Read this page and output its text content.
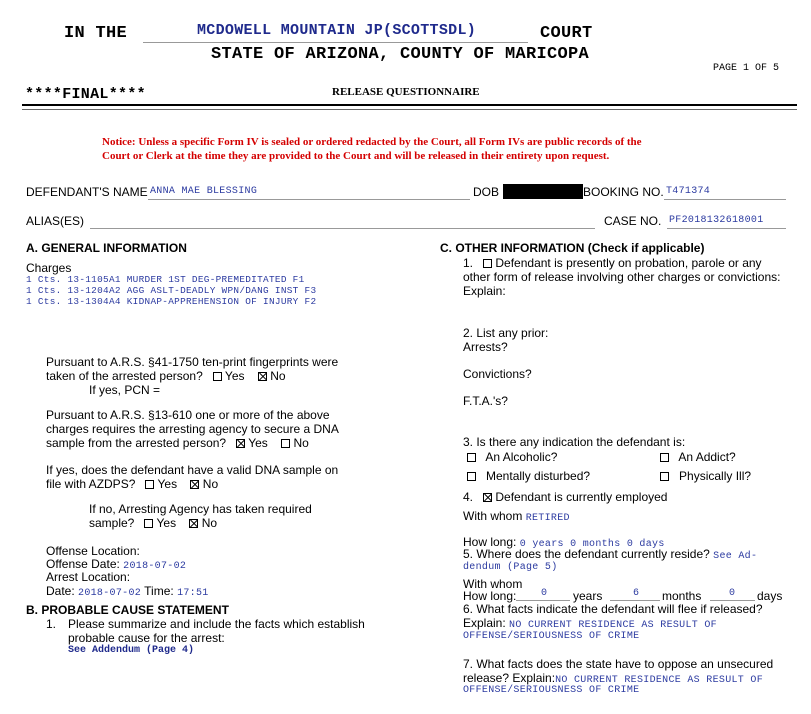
IN THE	MCDOWELL MOUNTAIN JP(SCOTTSDL)	COURT
STATE OF ARIZONA, COUNTY OF MARICOPA
PAGE 1 OF 5
****FINAL****	RELEASE QUESTIONNAIRE
Notice: Unless a specific Form IV is sealed or ordered redacted by the Court, all Form IVs are public records of the
Court or Clerk at the time they are provided to the Court and will be released in their entirety upon request.
DEFENDANT'S NAME ANNA MAE BLESSING	DOB	BOOKING NO. T471374
ALIAS(ES)	CASE NO. PF2018132618001
A. GENERAL INFORMATION
Charges
1 Cts. 13-1105A1 MURDER 1ST DEG-PREMEDITATED F1
1 Cts. 13-1204A2 AGG ASLT-DEADLY WPN/DANG INST F3
1 Cts. 13-1304A4 KIDNAP-APPREHENSION OF INJURY F2
Pursuant to A.R.S. §41-1750 ten-print fingerprints were
taken of the arrested person? Yes No
If yes, PCN =
Pursuant to A.R.S. §13-610 one or more of the above
charges requires the arresting agency to secure a DNA
sample from the arrested person? Yes No
If yes, does the defendant have a valid DNA sample on
file with AZDPS? Yes No
If no, Arresting Agency has taken required
sample? Yes No
Offense Location:
Offense Date: 2018-07-02
Arrest Location:
Date: 2018-07-02 Time: 17:51
B. PROBABLE CAUSE STATEMENT
1. Please summarize and include the facts which establish
probable cause for the arrest:
See Addendum (Page 4)
C. OTHER INFORMATION (Check if applicable)
1. Defendant is presently on probation, parole or any
other form of release involving other charges or convictions:
Explain:
2. List any prior:
Arrests?
Convictions?
F.T.A.'s?
3. Is there any indication the defendant is:
An Alcoholic?	An Addict?
Mentally disturbed?	Physically Ill?
4. Defendant is currently employed
With whom RETIRED
How long: 0 years 0 months 0 days
5. Where does the defendant currently reside? See Ad-
dendum (Page 5)
With whom
How long: 0 years	6 months	0 days
6. What facts indicate the defendant will flee if released?
Explain: NO CURRENT RESIDENCE AS RESULT OF
OFFENSE/SERIOUSNESS OF CRIME
7. What facts does the state have to oppose an unsecured
release? Explain:NO CURRENT RESIDENCE AS RESULT OF
OFFENSE/SERIOUSNESS OF CRIME
